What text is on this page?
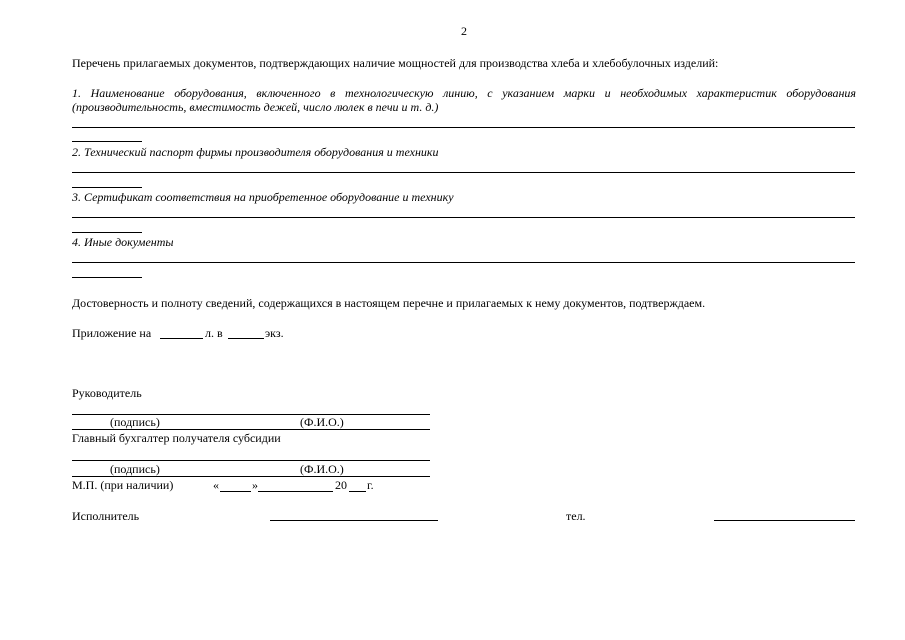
2
Перечень прилагаемых документов, подтверждающих наличие мощностей для производства хлеба и хлебобулочных изделий:
1. Наименование оборудования, включенного в технологическую линию, с указанием марки и необходимых характеристик оборудования
(производительность, вместимость дежей, число люлек в печи и т. д.)
2. Технический паспорт фирмы производителя оборудования и техники
3. Сертификат соответствия на приобретенное оборудование и технику
4. Иные документы
Достоверность и полноту сведений, содержащихся в настоящем перечне и прилагаемых к нему документов, подтверждаем.
Приложение на	л. в	экз.
Руководитель
(подпись)	(Ф.И.О.)
Главный бухгалтер получателя субсидии
(подпись)	(Ф.И.О.)
М.П. (при наличии)	«	»	20 г.
Исполнитель	тел.
